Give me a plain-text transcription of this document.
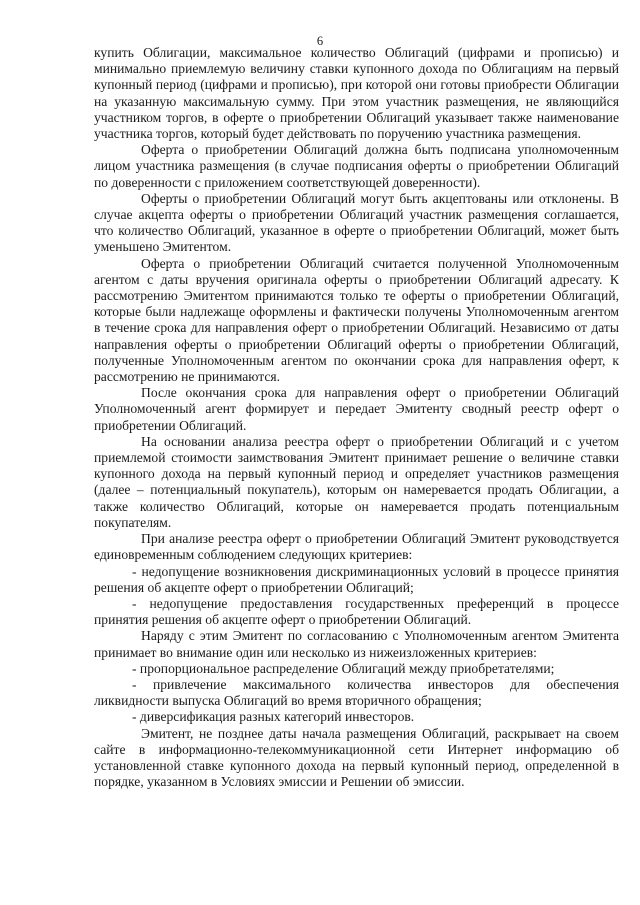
6

купить Облигации, максимальное количество Облигаций (цифрами и прописью) и минимально приемлемую величину ставки купонного дохода по Облигациям на первый купонный период (цифрами и прописью), при которой они готовы приобрести Облигации на указанную максимальную сумму. При этом участник размещения, не являющийся участником торгов, в оферте о приобретении Облигаций указывает также наименование участника торгов, который будет действовать по поручению участника размещения.

Оферта о приобретении Облигаций должна быть подписана уполномоченным лицом участника размещения (в случае подписания оферты о приобретении Облигаций по доверенности с приложением соответствующей доверенности).

Оферты о приобретении Облигаций могут быть акцептованы или отклонены. В случае акцепта оферты о приобретении Облигаций участник размещения соглашается, что количество Облигаций, указанное в оферте о приобретении Облигаций, может быть уменьшено Эмитентом.

Оферта о приобретении Облигаций считается полученной Уполномоченным агентом с даты вручения оригинала оферты о приобретении Облигаций адресату. К рассмотрению Эмитентом принимаются только те оферты о приобретении Облигаций, которые были надлежаще оформлены и фактически получены Уполномоченным агентом в течение срока для направления оферт о приобретении Облигаций. Независимо от даты направления оферты о приобретении Облигаций оферты о приобретении Облигаций, полученные Уполномоченным агентом по окончании срока для направления оферт, к рассмотрению не принимаются.

После окончания срока для направления оферт о приобретении Облигаций Уполномоченный агент формирует и передает Эмитенту сводный реестр оферт о приобретении Облигаций.

На основании анализа реестра оферт о приобретении Облигаций и с учетом приемлемой стоимости заимствования Эмитент принимает решение о величине ставки купонного дохода на первый купонный период и определяет участников размещения (далее – потенциальный покупатель), которым он намеревается продать Облигации, а также количество Облигаций, которые он намеревается продать потенциальным покупателям.

При анализе реестра оферт о приобретении Облигаций Эмитент руководствуется единовременным соблюдением следующих критериев:

- недопущение возникновения дискриминационных условий в процессе принятия решения об акцепте оферт о приобретении Облигаций;

- недопущение предоставления государственных преференций в процессе принятия решения об акцепте оферт о приобретении Облигаций.

Наряду с этим Эмитент по согласованию с Уполномоченным агентом Эмитента принимает во внимание один или несколько из нижеизложенных критериев:

- пропорциональное распределение Облигаций между приобретателями;

- привлечение максимального количества инвесторов для обеспечения ликвидности выпуска Облигаций во время вторичного обращения;

- диверсификация разных категорий инвесторов.

Эмитент, не позднее даты начала размещения Облигаций, раскрывает на своем сайте в информационно-телекоммуникационной сети Интернет информацию об установленной ставке купонного дохода на первый купонный период, определенной в порядке, указанном в Условиях эмиссии и Решении об эмиссии.
